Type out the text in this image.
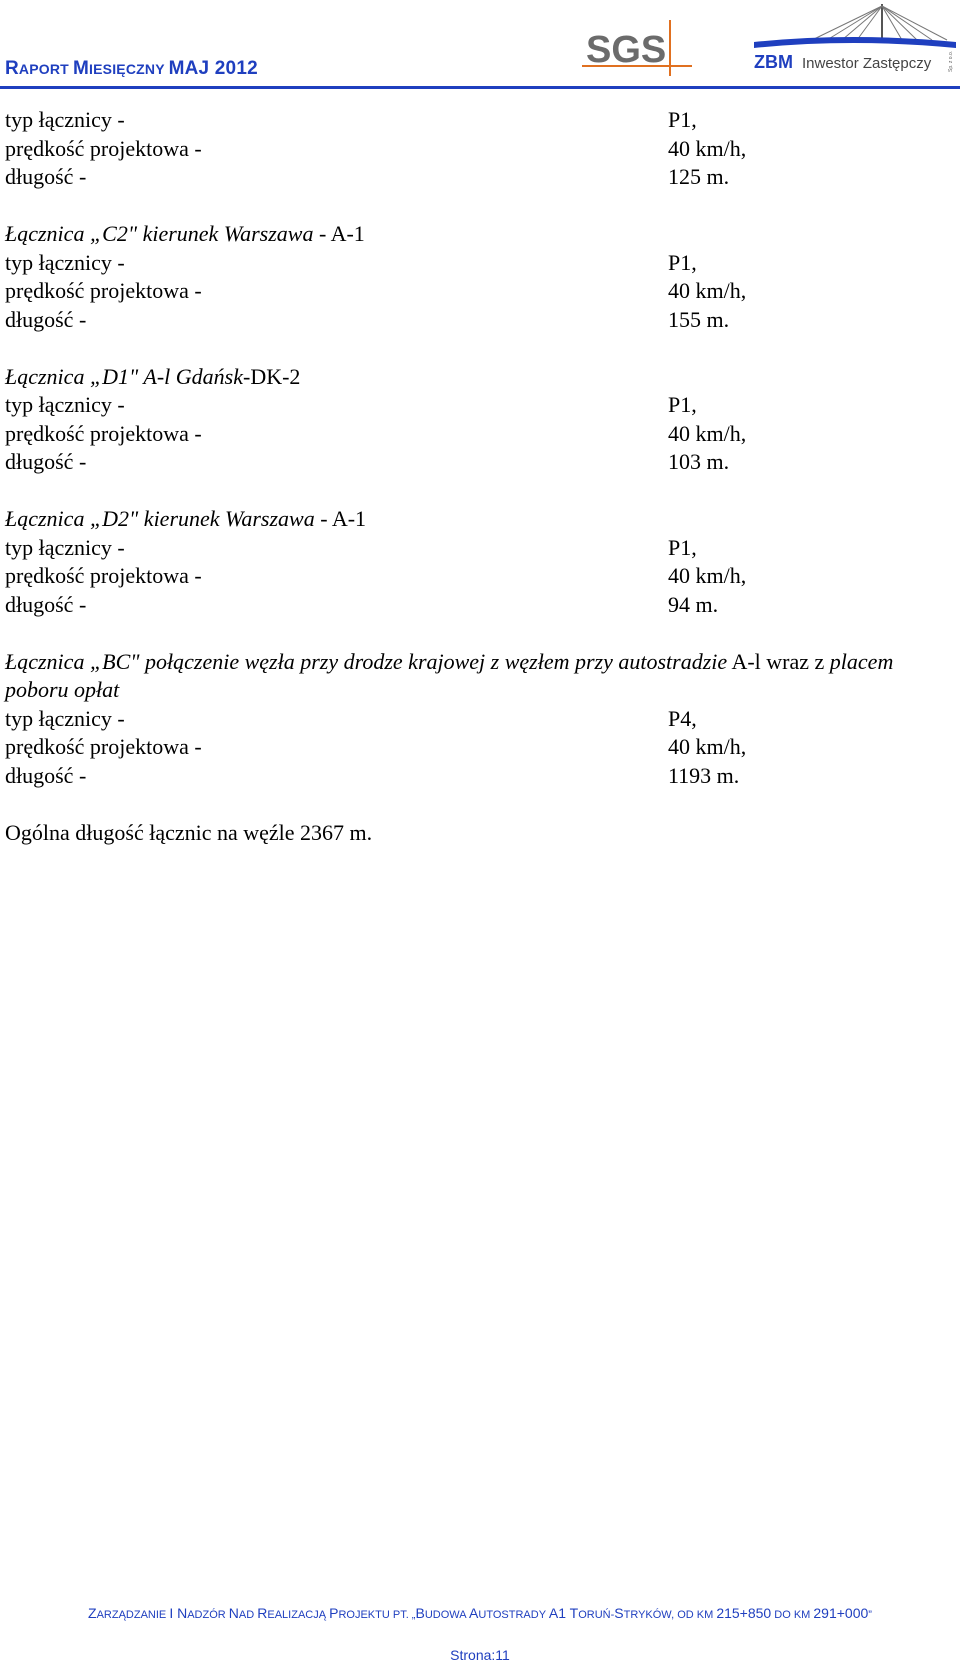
RAPORT MIESIĘCZNY MAJ 2012	SGS	ZBM Inwestor Zastępczy	Sp. z o.o.
typ łącznicy -	P1,
prędkość projektowa -	40 km/h,
długość -	125 m.
Łącznica „C2" kierunek Warszawa - A-1
typ łącznicy -	P1,
prędkość projektowa -	40 km/h,
długość -	155 m.
Łącznica „D1" A-l Gdańsk-DK-2
typ łącznicy -	P1,
prędkość projektowa -	40 km/h,
długość -	103 m.
Łącznica „D2" kierunek Warszawa - A-1
typ łącznicy -	P1,
prędkość projektowa -	40 km/h,
długość -	94 m.
Łącznica „BC" połączenie węzła przy drodze krajowej z węzłem przy autostradzie A-l wraz z placem poboru opłat
typ łącznicy -	P4,
prędkość projektowa -	40 km/h,
długość -	1193 m.
Ogólna długość łącznic na węźle 2367 m.
ZARZĄDZANIE I NADZÓR NAD REALIZACJĄ PROJEKTU PT. „BUDOWA AUTOSTRADY A1 TORUŃ-STRYKÓW, OD KM 215+850 DO KM 291+000”
Strona:11
